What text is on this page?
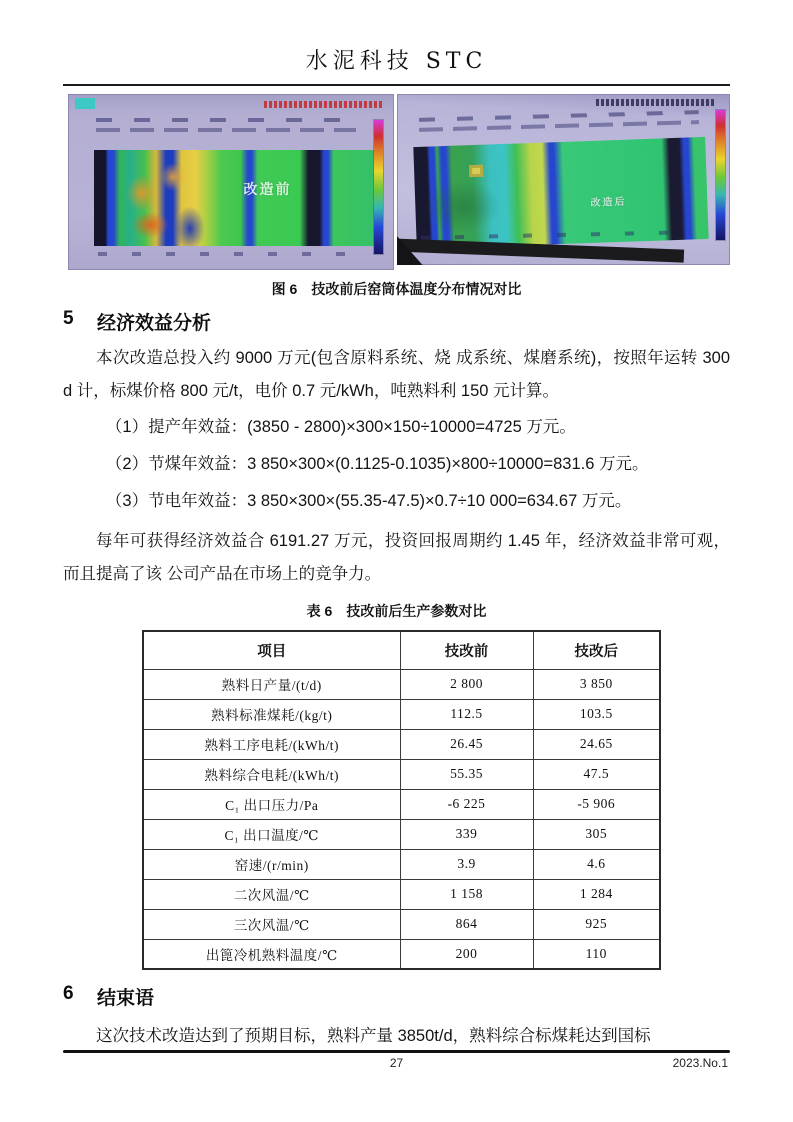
水泥科技 STC
改造前
改造后
图 6　技改前后窑筒体温度分布情况对比
5	经济效益分析

本次改造总投入约 9000 万元(包含原料系统、烧 成系统、煤磨系统)，按照年运转 300 d 计，标煤价格 800 元/t，电价 0.7 元/kWh，吨熟料利 150 元计算。

（1）提产年效益：(3850 - 2800)×300×150÷10000=4725 万元。
（2）节煤年效益：3 850×300×(0.1125-0.1035)×800÷10000=831.6 万元。
（3）节电年效益：3 850×300×(55.35-47.5)×0.7÷10 000=634.67 万元。

每年可获得经济效益合 6191.27 万元，投资回报周期约 1.45 年，经济效益非常可观，而且提高了该 公司产品在市场上的竞争力。

表 6　技改前后生产参数对比
项目	技改前	技改后
熟料日产量/(t/d)	2 800	3 850
熟料标准煤耗/(kg/t)	112.5	103.5
熟料工序电耗/(kWh/t)	26.45	24.65
熟料综合电耗/(kWh/t)	55.35	47.5
C₁ 出口压力/Pa	-6 225	-5 906
C₁ 出口温度/℃	339	305
窑速/(r/min)	3.9	4.6
二次风温/℃	1 158	1 284
三次风温/℃	864	925
出篦冷机熟料温度/℃	200	110
6	结束语

这次技术改造达到了预期目标，熟料产量 3850t/d，熟料综合标煤耗达到国标

27	2023.No.1
